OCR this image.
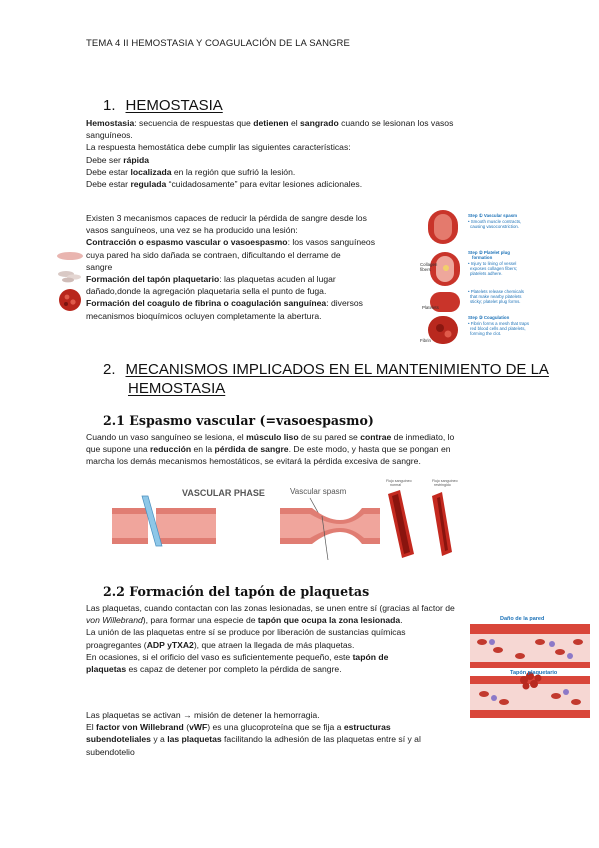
TEMA 4 II HEMOSTASIA Y COAGULACIÓN DE LA SANGRE
1. HEMOSTASIA
Hemostasia: secuencia de respuestas que detienen el sangrado cuando se lesionan los vasos
sanguíneos.
La respuesta hemostática debe cumplir las siguientes características:
Debe ser rápida
Debe estar localizada en la región que sufrió la lesión.
Debe estar regulada “cuidadosamente” para evitar lesiones adicionales.
Existen 3 mecanismos capaces de reducir la pérdida de sangre desde los
vasos sanguíneos, una vez se ha producido una lesión:
Contracción o espasmo vascular o vasoespasmo: los vasos sanguíneos
cuya pared ha sido dañada se contraen, dificultando el derrame de
sangre
Formación del tapón plaquetario: las plaquetas acuden al lugar
dañado,donde la agregación plaquetaria sella el punto de fuga.
Formación del coagulo de fibrina o coagulación sanguínea: diversos
mecanismos bioquímicos ocluyen completamente la abertura.
Step ① Vascular spasm
• Smooth muscle contracts,
causing vasoconstriction.
Step ② Platelet plug
formation
• Injury to lining of vessel
exposes collagen fibers;
platelets adhere.
• Platelets release chemicals
that make nearby platelets
sticky; platelet plug forms.
Step ③ Coagulation
• Fibrin forms a mesh that traps
red blood cells and platelets,
forming the clot.
Collagen
fibers
Platelets
Fibrin
2. MECANISMOS IMPLICADOS EN EL MANTENIMIENTO DE LA
HEMOSTASIA
2.1 Espasmo vascular (=vasoespasmo)
Cuando un vaso sanguíneo se lesiona, el músculo liso de su pared se contrae de inmediato, lo
que supone una reducción en la pérdida de sangre. De este modo, y hasta que se pongan en
marcha los demás mecanismos hemostáticos, se evitará la pérdida excesiva de sangre.
VASCULAR PHASE	Vascular spasm
Flujo sanguíneo
normal
Flujo sanguíneo
restringido
2.2 Formación del tapón de plaquetas
Las plaquetas, cuando contactan con las zonas lesionadas, se unen entre sí (gracias al factor de
von Willebrand), para formar una especie de tapón que ocupa la zona lesionada.
La unión de las plaquetas entre sí se produce por liberación de sustancias químicas
proagregantes (ADP yTXA2), que atraen la llegada de más plaquetas.
En ocasiones, si el orificio del vaso es suficientemente pequeño, este tapón de
plaquetas es capaz de detener por completo la pérdida de sangre.
Daño de la pared
Tapón plaquetario
Las plaquetas se activan → misión de detener la hemorragia.
El factor von Willebrand (vWF) es una glucoproteína que se fija a estructuras
subendoteliales y a las plaquetas facilitando la adhesión de las plaquetas entre sí y al
subendotelio
